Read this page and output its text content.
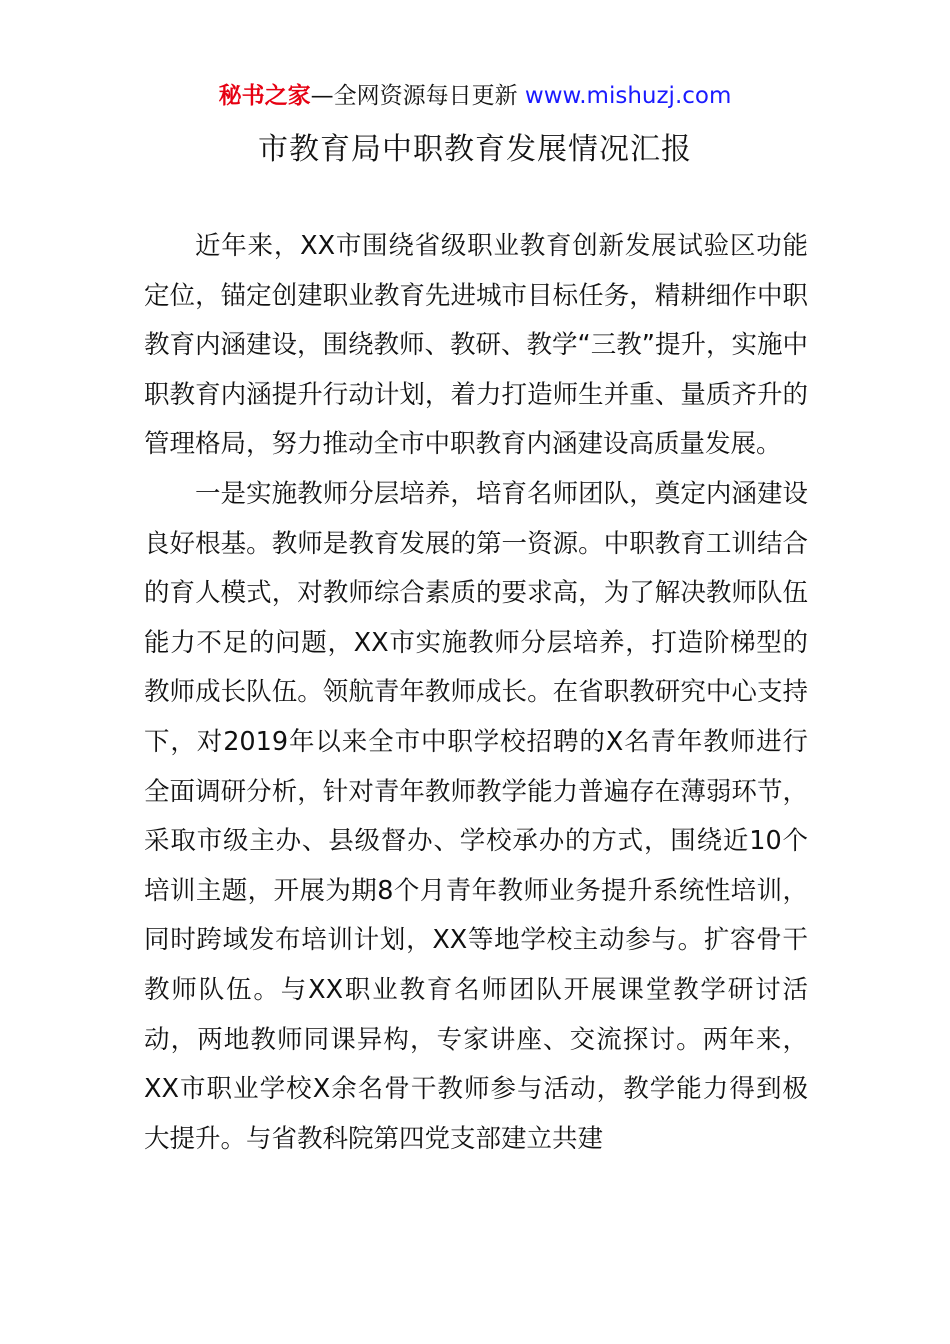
秘书之家—全网资源每日更新 www.mishuzj.com
市教育局中职教育发展情况汇报

近年来，XX市围绕省级职业教育创新发展试验区功能定位，锚定创建职业教育先进城市目标任务，精耕细作中职教育内涵建设，围绕教师、教研、教学“三教”提升，实施中职教育内涵提升行动计划，着力打造师生并重、量质齐升的管理格局，努力推动全市中职教育内涵建设高质量发展。

一是实施教师分层培养，培育名师团队，奠定内涵建设良好根基。教师是教育发展的第一资源。中职教育工训结合的育人模式，对教师综合素质的要求高，为了解决教师队伍能力不足的问题，XX市实施教师分层培养，打造阶梯型的教师成长队伍。领航青年教师成长。在省职教研究中心支持下，对2019年以来全市中职学校招聘的X名青年教师进行全面调研分析，针对青年教师教学能力普遍存在薄弱环节，采取市级主办、县级督办、学校承办的方式，围绕近10个培训主题，开展为期8个月青年教师业务提升系统性培训，同时跨域发布培训计划，XX等地学校主动参与。扩容骨干教师队伍。与XX职业教育名师团队开展课堂教学研讨活动，两地教师同课异构，专家讲座、交流探讨。两年来，XX市职业学校X余名骨干教师参与活动，教学能力得到极大提升。与省教科院第四党支部建立共建
